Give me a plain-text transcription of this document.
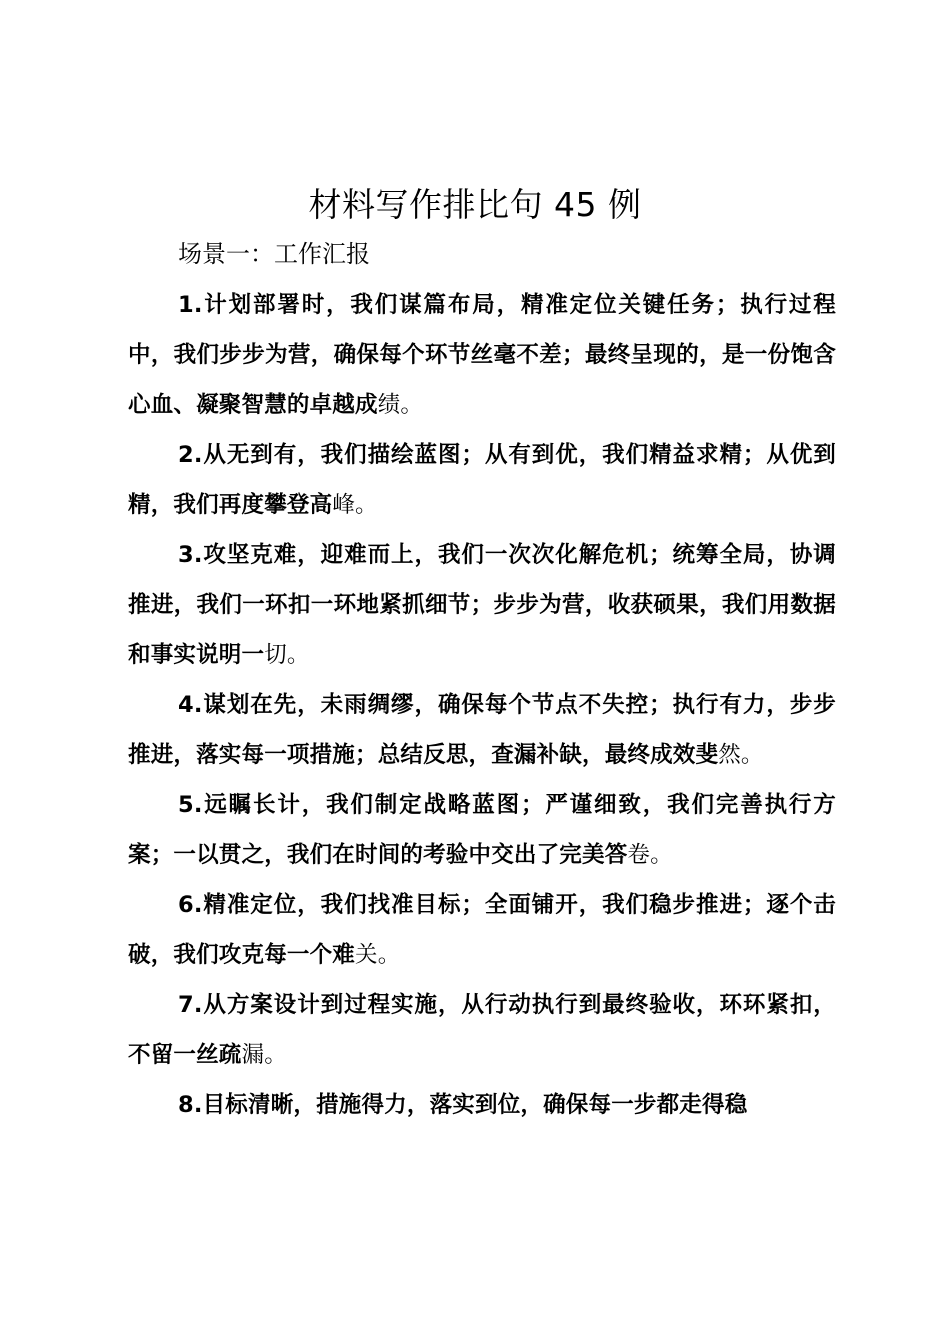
材料写作排比句 45 例
场景一：工作汇报

1.计划部署时，我们谋篇布局，精准定位关键任务；执行过程中，我们步步为营，确保每个环节丝毫不差；最终呈现的，是一份饱含心血、凝聚智慧的卓越成绩。

2.从无到有，我们描绘蓝图；从有到优，我们精益求精；从优到精，我们再度攀登高峰。

3.攻坚克难，迎难而上，我们一次次化解危机；统筹全局，协调推进，我们一环扣一环地紧抓细节；步步为营，收获硕果，我们用数据和事实说明一切。

4.谋划在先，未雨绸缪，确保每个节点不失控；执行有力，步步推进，落实每一项措施；总结反思，查漏补缺，最终成效斐然。

5.远瞩长计，我们制定战略蓝图；严谨细致，我们完善执行方案；一以贯之，我们在时间的考验中交出了完美答卷。

6.精准定位，我们找准目标；全面铺开，我们稳步推进；逐个击破，我们攻克每一个难关。

7.从方案设计到过程实施，从行动执行到最终验收，环环紧扣，不留一丝疏漏。

8.目标清晰，措施得力，落实到位，确保每一步都走得稳
